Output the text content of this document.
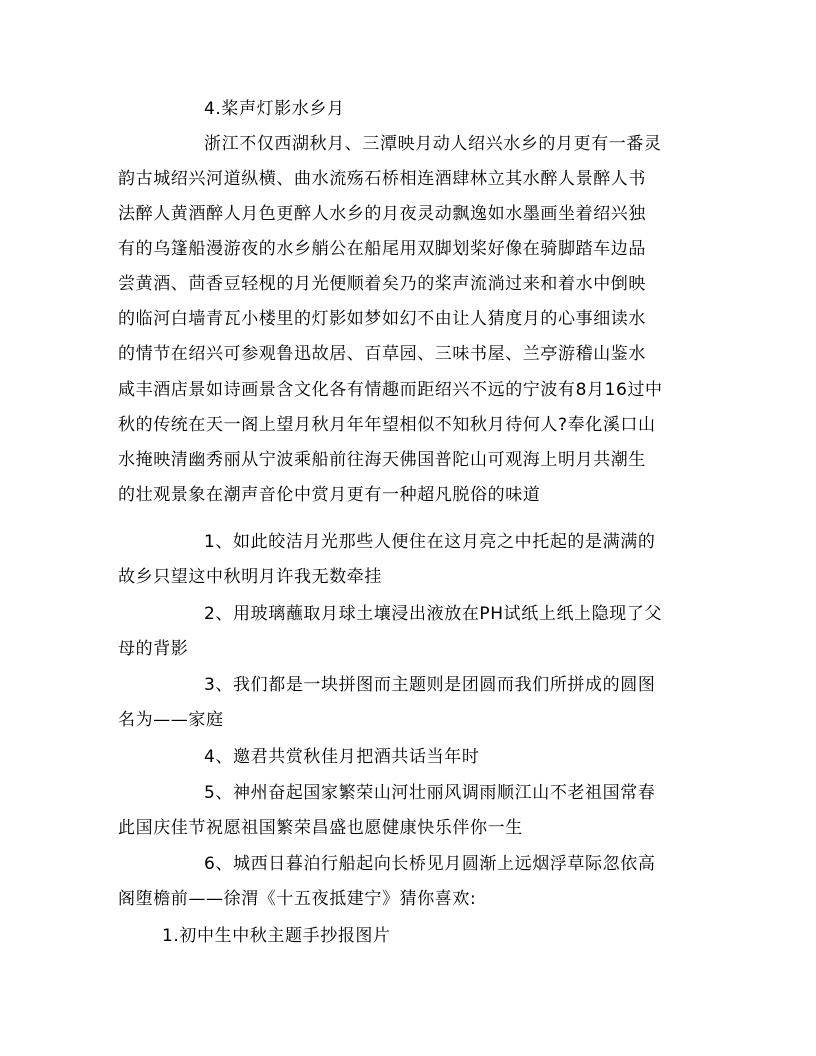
4.桨声灯影水乡月
浙江不仅西湖秋月、三潭映月动人绍兴水乡的月更有一番灵
韵古城绍兴河道纵横、曲水流殇石桥相连酒肆林立其水醉人景醉人书
法醉人黄酒醉人月色更醉人水乡的月夜灵动飘逸如水墨画坐着绍兴独
有的乌篷船漫游夜的水乡艄公在船尾用双脚划桨好像在骑脚踏车边品
尝黄酒、茴香豆轻枧的月光便顺着矣乃的桨声流淌过来和着水中倒映
的临河白墙青瓦小楼里的灯影如梦如幻不由让人猜度月的心事细读水
的情节在绍兴可参观鲁迅故居、百草园、三味书屋、兰亭游稽山鉴水
咸丰酒店景如诗画景含文化各有情趣而距绍兴不远的宁波有8月16过中
秋的传统在天一阁上望月秋月年年望相似不知秋月待何人?奉化溪口山
水掩映清幽秀丽从宁波乘船前往海天佛国普陀山可观海上明月共潮生
的壮观景象在潮声音伦中赏月更有一种超凡脱俗的味道
1、如此皎洁月光那些人便住在这月亮之中托起的是满满的
故乡只望这中秋明月许我无数牵挂
2、用玻璃蘸取月球土壤浸出液放在PH试纸上纸上隐现了父
母的背影
3、我们都是一块拼图而主题则是团圆而我们所拼成的圆图
名为——家庭
4、邀君共赏秋佳月把酒共话当年时
5、神州奋起国家繁荣山河壮丽风调雨顺江山不老祖国常春
此国庆佳节祝愿祖国繁荣昌盛也愿健康快乐伴你一生
6、城西日暮泊行船起向长桥见月圆渐上远烟浮草际忽依高
阁堕檐前——徐渭《十五夜抵建宁》猜你喜欢:
1.初中生中秋主题手抄报图片
